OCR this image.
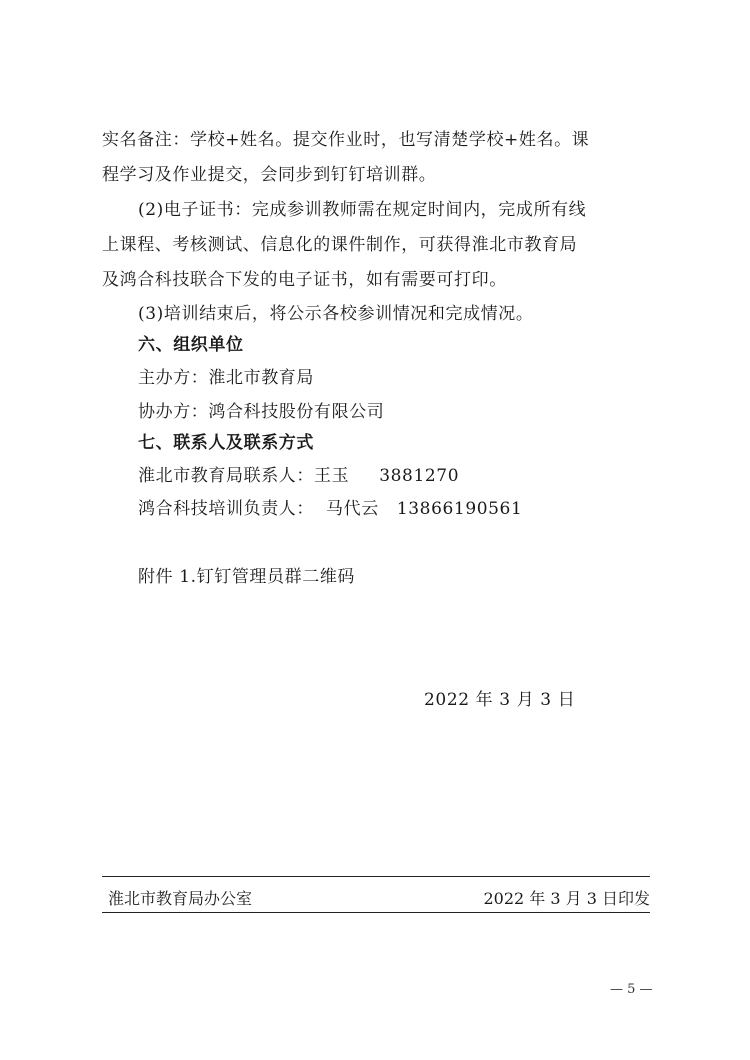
实名备注：学校+姓名。提交作业时，也写清楚学校+姓名。课
程学习及作业提交，会同步到钉钉培训群。
(2)电子证书：完成参训教师需在规定时间内，完成所有线
上课程、考核测试、信息化的课件制作，可获得淮北市教育局
及鸿合科技联合下发的电子证书，如有需要可打印。
(3)培训结束后，将公示各校参训情况和完成情况。
六、组织单位
主办方：淮北市教育局
协办方：鸿合科技股份有限公司
七、联系人及联系方式
淮北市教育局联系人：王玉     3881270
鸿合科技培训负责人：  马代云   13866190561
附件 1.钉钉管理员群二维码
2022 年 3 月 3 日
淮北市教育局办公室	2022 年 3 月 3 日印发
— 5 —
